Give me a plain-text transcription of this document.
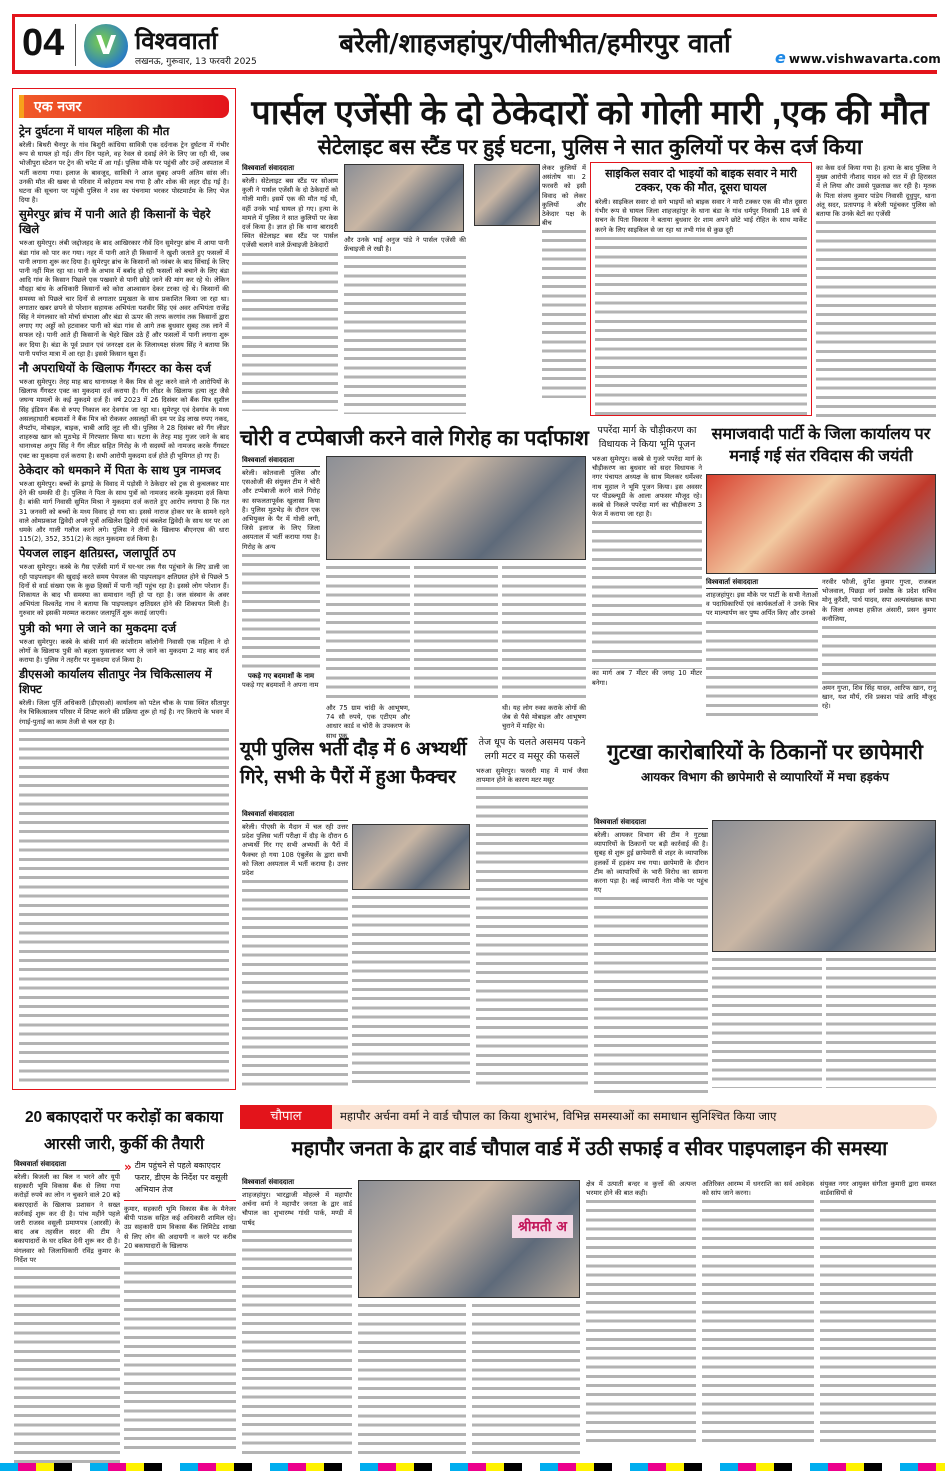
04	V विश्ववार्ता
लखनऊ, गुरूवार, 13 फरवरी 2025
बरेली/शाहजहांपुर/पीलीभीत/हमीरपुर वार्ता	e www.vishwavarta.com
एक नजर
ट्रेन दुर्घटना में घायल महिला की मौत

बरेली। बिथरी चैनपुर के गांव बिशुरी कांधिया सावित्री एक दर्दनाक ट्रेन दुर्घटना में गंभीर रूप से घायल हो गई। तीन दिन पहले, वह रेवल से दवाई लेने के लिए जा रही थी, जब भोजीपुरा स्टेशन पर ट्रेन की चपेट में आ गई। पुलिस मौके पर पहुंची और उन्हें अस्पताल में भर्ती कराया गया। इलाज के बावजूद, सावित्री ने आज सुबह अपनी अंतिम सांस ली। उनकी मौत की खबर से परिवार में कोहराम मच गया है और शोक की लहर दौड़ गई है। घटना की सूचना पर पहुंची पुलिस ने शव का पंचनामा भरकर पोस्टमार्टम के लिए भेज दिया है।

सुमेरपुर ब्रांच में पानी आते ही किसानों के चेहरे खिले

भरुआ सुमेरपुर। लंबी जद्दोजहद के बाद आखिरकार नौवें दिन सुमेरपुर ब्रांच में आया पानी बंडा गांव को पार कर गया। नहर में पानी आते ही किसानों ने खुशी जताते हुए फसलों में पानी लगाना शुरू कर दिया है। सुमेरपुर ब्रांच के किसानों को नवंबर के बाद सिंचाई के लिए पानी नहीं मिल रहा था। पानी के अभाव में बर्बाद हो रही फसलों को बचाने के लिए बंडा आदि गांव के किसान पिछले एक पखवारे से पानी छोड़े जाने की मांग कर रहे थे। लेकिन मौदहा बांध के अधिकारी किसानों को कोरा आश्वासन देकर टरका रहे थे। किसानों की समस्या को पिछले चार दिनों से लगातार प्रमुखता के साथ प्रकाशित किया जा रहा था। लगातार खबर छपने से परेशान सहायक अभियंता यशवीर सिंह एवं अवर अभियंता राजेंद्र सिंह ने मंगलवार को मोर्चा संभाला और बंडा से ऊपर की तरफ करगांव तक किसानों द्वारा लगाए गए अड्डों को हटवाकर पानी को बंडा गांव से आगे तक बुधवार सुबह तक लाने में सफल रहे। पानी आते ही किसानों के चेहरे खिल उठे हैं और फसलों में पानी लगाना शुरू कर दिया है। बंडा के पूर्व प्रधान एवं जनरक्षा दल के जिलाध्यक्ष संजय सिंह ने बताया कि पानी पर्याप्त मात्रा में आ रहा है। इससे किसान खुश हैं।

नौ अपराधियों के खिलाफ गैंगस्टर का केस दर्ज

भरुआ सुमेरपुर। तेरह माह बाद थानाध्यक्ष ने बैंक मित्र से लूट करने वाले नौ आरोपियों के खिलाफ गैंगस्टर एक्ट का मुकदमा दर्ज कराया है। गैंग लीडर के खिलाफ हत्या लूट जैसे जघन्य मामलों के कई मुकदमे दर्ज हैं। वर्ष 2023 में 26 दिसंबर को बैंक मित्र सुशील सिंह इंडियन बैंक से रुपए निकाल कर देवगांव जा रहा था। सुमेरपुर एवं देवगांव के मध्य असलहाधारी बदमाशों ने बैंक मित्र को रोककर असलहों की दम पर डेढ़ लाख रुपए नकद, लैपटॉप, मोबाइल, बाइक, चाबी आदि लूट ली थी। पुलिस ने 28 दिसंबर को गैंग लीडर शाहरुख खान को मुठभेड़ में गिरफ्तार किया था। घटना के तेरह माह गुजर जाने के बाद थानाध्यक्ष अनूप सिंह ने गैंग लीडर सहित गिरोह के नौ सदस्यों को नामजद करके गैंगस्टर एक्ट का मुकदमा दर्ज कराया है। सभी आरोपी मुकदमा दर्ज होते ही भूमिगत हो गए हैं।

ठेकेदार को धमकाने में पिता के साथ पुत्र नामजद

भरुआ सुमेरपुर। बच्चों के झगड़े के विवाद में पड़ोसी ने ठेकेदार को ट्रक से कुचलकर मार देने की धमकी दी है। पुलिस ने पिता के साथ पुत्रों को नामजद करके मुकदमा दर्ज किया है। बांकी मार्ग निवासी सुमित मिश्रा ने मुकदमा दर्ज कराते हुए आरोप लगाया है कि गत 31 जनवरी को बच्चों के मध्य विवाद हो गया था। इससे नाराज होकर घर के सामने रहने वाले ओमप्रकाश द्विवेदी अपने पुत्रों अखिलेश द्विवेदी एवं बबलेश द्विवेदी के साथ घर पर आ धमके और गाली गलौज करने लगे। पुलिस ने तीनों के खिलाफ बीएनएस की धारा 115(2), 352, 351(2) के तहत मुकदमा दर्ज किया है।

पेयजल लाइन क्षतिग्रस्त, जलापूर्ति ठप

भरुआ सुमेरपुर। कस्बे के गैस एजेंसी मार्ग में घर-घर तक गैस पहुंचाने के लिए डाली जा रही पाइपलाइन की खुदाई करते समय पेयजल की पाइपलाइन क्षतिग्रस्त होने से पिछले 5 दिनों से वार्ड संख्या एक के कुछ हिस्सों में पानी नहीं पहुंच रहा है। इससे लोग परेशान हैं। शिकायत के बाद भी समस्या का समाधान नहीं हो पा रहा है। जल संस्थान के अवर अभियंता विश्वतेंद्र नाथ ने बताया कि पाइपलाइन क्षतिग्रस्त होने की शिकायत मिली है। गुरुवार को इसकी मरम्मत कराकर जलापूर्ति शुरू कराई जाएगी।

पुत्री को भगा ले जाने का मुकदमा दर्ज

भरुआ सुमेरपुर। कस्बे के बांकी मार्ग की कांशीराम कॉलोनी निवासी एक महिला ने दो लोगों के खिलाफ पुत्री को बहला फुसलाकर भगा ले जाने का मुकदमा 2 माह बाद दर्ज कराया है। पुलिस ने तहरीर पर मुकदमा दर्ज किया है।

डीएसओ कार्यालय सीतापुर नेत्र चिकित्सालय में शिफ्ट

बरेली। जिला पूर्ति अधिकारी (डीएसओ) कार्यालय को पटेल चौक के पास स्थित सीतापुर नेत्र चिकित्सालय परिसर में शिफ्ट करने की प्रक्रिया शुरू हो गई है। नए किराये के भवन में रंगाई-पुताई का काम तेजी से चल रहा है।

पार्सल एजेंसी के दो ठेकेदारों को गोली मारी ,एक की मौत
सेटेलाइट बस स्टैंड पर हुई घटना, पुलिस ने सात कुलियों पर केस दर्ज किया
विश्ववार्ता संवाददाता

बरेली। सेटेलाइट बस स्टैंड पर सोआम कुली ने पार्सल एजेंसी के दो ठेकेदारों को गोली मारी। इसमें एक की मौत गई थी, वहीं उनके भाई घायल हो गए। हत्या के मामले में पुलिस ने सात कुलियों पर केस दर्ज किया है। ज्ञात हो कि थाना बारादरी स्थित सेटेलाइट बस स्टैंड पर पार्सल एजेंसी चलाने वाले फ्रेंचाइजी ठेकेदारों

और उनके भाई अनुज पांडे ने पार्सल एजेंसी की फ्रेंचाइजी ले रखी है।

लेकर कुलियों में असंतोष था। 2 फरवरी को इसी विवाद को लेकर कुलियों और ठेकेदार पक्ष के बीच

साइकिल सवार दो भाइयों को बाइक सवार ने मारी टक्कर, एक की मौत, दूसरा घायल

बरेली। साइकिल सवार दो सगे भाइयों को बाइक सवार ने मारी टक्कर एक की मौत दूसरा गंभीर रूप से घायल जिला शाहजहांपुर के थाना बंडा के गांव धर्मपुर निवासी 18 वर्ष से सचन के पिता विकास ने बताया बुधवार देर शाम अपने छोटे भाई रोहित के साथ मार्केट करने के लिए साइकिल से जा रहा था तभी गांव से कुछ दूरी

का केस दर्ज किया गया है। हत्या के बाद पुलिस ने मुख्य आरोपी नौशाद यादव को रात में ही हिरासत में ले लिया और उससे पूछताछ कर रही है। मृतक के पिता संजय कुमार पांडेय निवासी दूधुपुर, थाना अंतू सदर, प्रतापगढ़ ने बरेली पहुंचकर पुलिस को बताया कि उनके बेटों का एजेंसी

चोरी व टप्पेबाजी करने वाले गिरोह का पर्दाफाश
विश्ववार्ता संवाददाता

बरेली। कोतवाली पुलिस और एसओजी की संयुक्त टीम ने चोरी और टप्पेबाजी करने वाले गिरोह का सफलतापूर्वक खुलासा किया है। पुलिस मुठभेड़ के दौरान एक अभियुक्त के पैर में गोली लगी, जिसे इलाज के लिए जिला अस्पताल में भर्ती कराया गया है। गिरोह के अन्य

पकड़े गए बदमाशों के नाम

पकड़े गए बदमाशों ने अपना नाम

और 75 ग्राम चांदी के आभूषण, 74 सौ रुपये, एक एटीएम और आधार कार्ड व चोरी के उपकरण के साथ एक

थी। यह लोग रुका कराके लोगों की जेब से पैसे मोबाइल और आभूषण चुराने में माहिर थे।

पपरेंदा मार्ग के चौड़ीकरण का विधायक ने किया भूमि पूजन

भरुआ सुमेरपुर। कस्बे से गुजरे पपरेंदा मार्ग के चौड़ीकरण का बुधवार को सदर विधायक ने नगर पंचायत अध्यक्ष के साथ मिलकर धर्मेश्वर नाथ मुहाल ने भूमि पूजन किया। इस अवसर पर पीडब्ल्यूडी के आला अफसर मौजूद रहे। कस्बे से निकले पपरेंदा मार्ग का चौड़ीकरण 3 फेज में कराया जा रहा है।

का मार्ग अब 7 मीटर की जगह 10 मीटर बनेगा।

समाजवादी पार्टी के जिला कार्यालय पर मनाई गई संत रविदास की जयंती
विश्ववार्ता संवाददाता

शाहजहांपुर। इस मौके पर पार्टी के सभी नेताओं व पदाधिकारियों एवं कार्यकर्ताओं ने उनके चित्र पर माल्यार्पण कर पुष्प अर्पित किए और उनको

नरवीर फौजी, दुर्गेश कुमार गुप्ता, राजबल भोजवाल, पिछड़ा वर्ग प्रकोष्ठ के प्रदेश सचिव मोनू कुरैशी, पार्थ यादव, सपा अल्पसंख्यक सभा के जिला अध्यक्ष हफ़ीज अंसारी, प्रसन कुमार कनौजिया,

अमन गुप्ता, शिव सिंह यादव, आरिफ खान, रानू खान, यश मौर्य, रवि प्रकाश पांडे आदि मौजूद रहे।

यूपी पुलिस भर्ती दौड़ में 6 अभ्यर्थी गिरे, सभी के पैरों में हुआ फैक्चर
विश्ववार्ता संवाददाता

बरेली। पीएसी के मैदान में चल रही उत्तर प्रदेश पुलिस भर्ती परीक्षा में दौड़ के दौरान 6 अभ्यर्थी गिर गए सभी अभ्यर्थी के पैरों में फैक्चर हो गया 108 एंबुलेंस के द्वारा सभी को जिला अस्पताल में भर्ती कराया है। उत्तर प्रदेश

तेज धूप के चलते असमय पकने लगी मटर व मसूर की फसलें

भरुआ सुमेरपुर। फरवरी माह में मार्च जैसा तापमान होने के कारण मटर मसूर

गुटखा कारोबारियों के ठिकानों पर छापेमारी
आयकर विभाग की छापेमारी से व्यापारियों में मचा हड़कंप
विश्ववार्ता संवाददाता

बरेली। आयकर विभाग की टीम ने गुटखा व्यापारियों के ठिकानों पर बड़ी कार्रवाई की है। सुबह से शुरू हुई छापेमारी से शहर के व्यापारिक हलकों में हड़कंप मच गया। छापेमारी के दौरान टीम को व्यापारियों के भारी विरोध का सामना करना पड़ा है। कई व्यापारी नेता मौके पर पहुंच गए

20 बकाएदारों पर करोड़ों का बकाया आरसी जारी, कुर्की की तैयारी
विश्ववार्ता संवाददाता

बरेली। बिजली का बिल न भरने और यूपी सहकारी भूमि विकास बैंक से लिया गया करोड़ों रुपये का लोन न चुकाने वाले 20 बड़े बकाएदारों के खिलाफ प्रशासन ने सख्त कार्रवाई शुरू कर दी है। पांच महीने पहले जारी राजस्व वसूली प्रमाणपत्र (आरसी) के बाद अब तहसील सदर की टीम ने बकायादारों के घर दबिश देनी शुरू कर दी है। मंगलवार को जिलाधिकारी रविंद्र कुमार के निर्देश पर

» टीम पहुंचने से पहले बकाएदार फरार, डीएम के निर्देश पर वसूली अभियान तेज

कुमार, सहकारी भूमि विकास बैंक के मैनेजर बीपी पाठक सहित कई अधिकारी शामिल रहे। उप्र सहकारी ग्राम विकास बैंक लिमिटेड शाखा से लिए लोन की अदायगी न करने पर करीब 20 बकायादारों के खिलाफ

चौपाल	महापौर अर्चना वर्मा ने वार्ड चौपाल का किया शुभारंभ, विभिन्न समस्याओं का समाधान सुनिश्चित किया जाए
महापौर जनता के द्वार वार्ड चौपाल वार्ड में उठी सफाई व सीवर पाइपलाइन की समस्या
विश्ववार्ता संवाददाता

शाहजहांपुर। भारद्वाजी मोहल्ले में महापौर अर्चना वर्मा ने महापौर जनता के द्वार वार्ड चौपाल का शुभारम्भ गांधी पार्क, मण्डी में पार्षद	श्रीमती अ

क्षेत्र में उत्पाती बन्दर व कुत्तों की अत्यन्त भरमार होने की बात कही।

अतिरिक्त आरम्भ में धनराशि का सर्व आवेदक को सांप जाने करना।

संयुक्त नगर आयुक्त संगीता कुमारी द्वारा समस्त वार्डवासियों से
